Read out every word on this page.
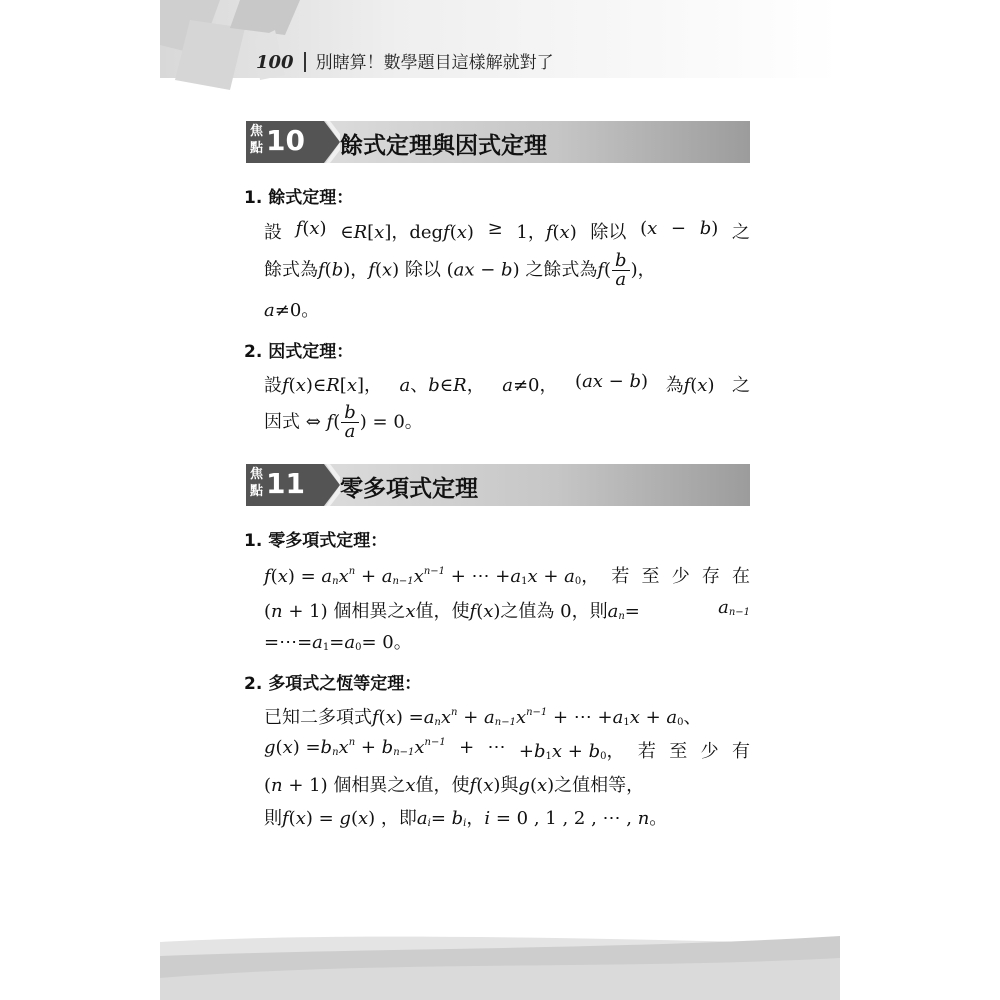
100 別瞎算！數學題目這樣解就對了
焦點 10 餘式定理與因式定理
1. 餘式定理：
設 f(x) ∈R[x]，degf(x) ≥ 1，f(x) 除以 (x − b) 之
餘式為f(b)，f(x) 除以 (ax − b) 之餘式為$f( \frac{b}{a}$ )，
a≠0。
2. 因式定理：
設f(x)∈R[x]， a、b∈R， a≠0， (ax − b) 為f(x) 之
因式 ⇔ $f( \frac{b}{a}$ ) = 0。
焦點 11 零多項式定理
1. 零多項式定理：
$f(x) = a_nx^n + a_{n-1}x^{n-1}$ + ⋯ $+a_1x + a_0$， 若 至 少 存 在
(n + 1) 個相異之x值，使f(x)之值為 0，則$a_n=$	$a_{n-1}$
$=\cdots=a_1=a_0= 0$。
2. 多項式之恆等定理：
已知二多項式$f(x) =a_nx^n + a_{n-1}x^{n-1}$ + ⋯ $+a_1x + a_0$、
$g(x) =b_nx^n + b_{n-1}x^{n-1}$ + ⋯ $+b_1x + b_0$， 若 至 少 有
(n + 1) 個相異之x值，使f(x)與g(x)之值相等，
則f(x) = g(x) ，即$a_i= b_i$，i = 0 , 1 , 2 , ⋯ , n。
